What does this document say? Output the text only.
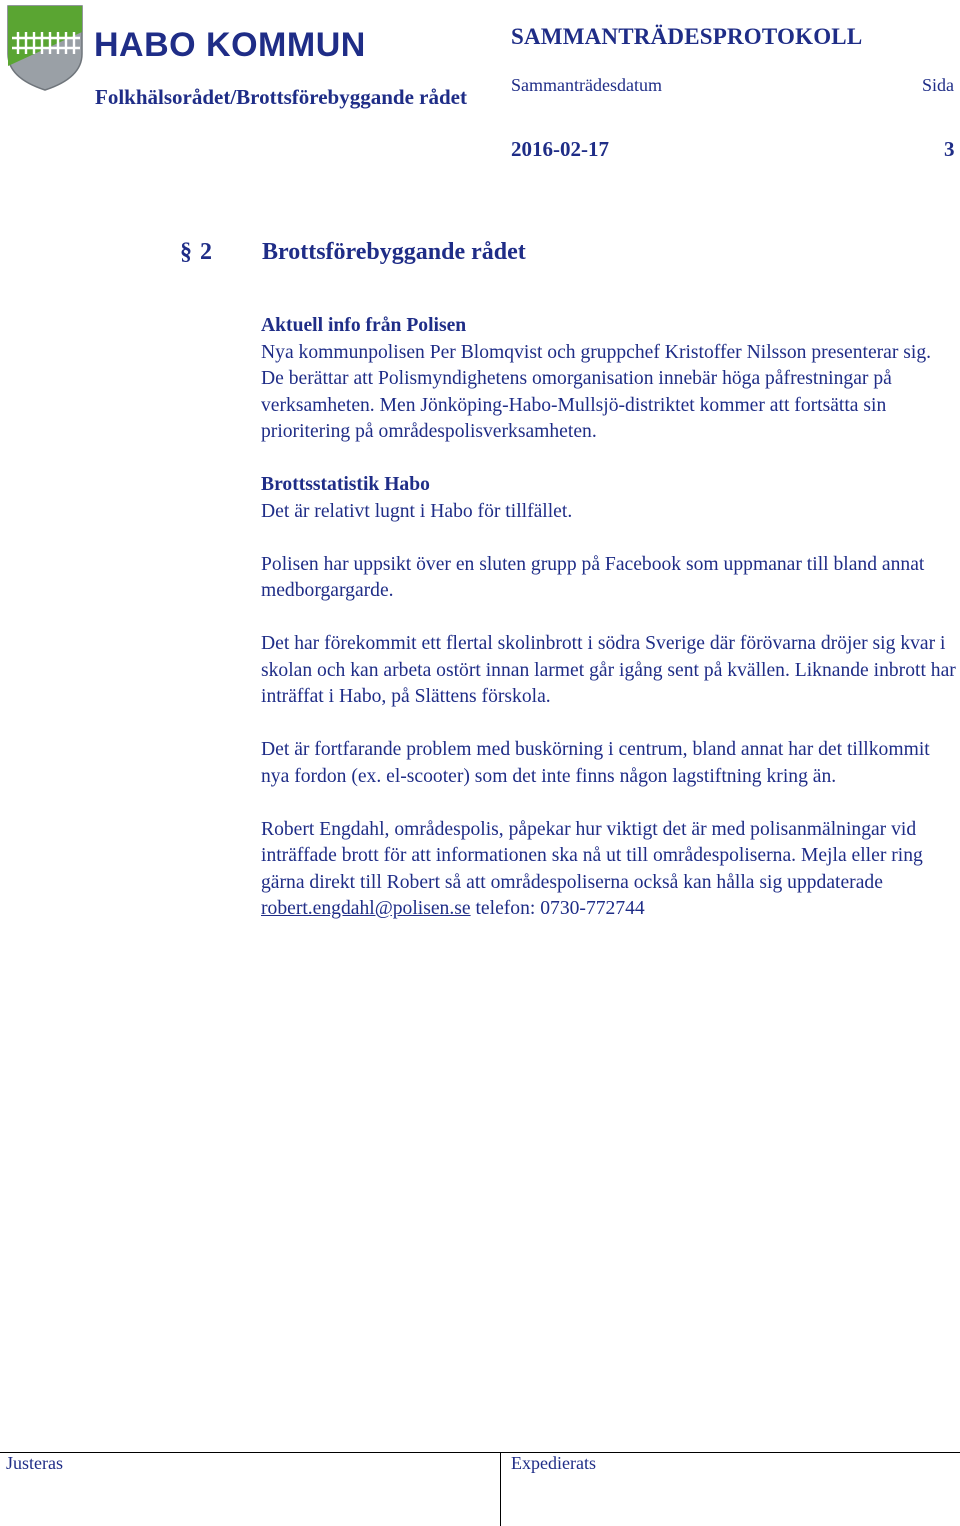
HABO KOMMUN	SAMMANTRÄDESPROTOKOLL
Folkhälsorådet/Brottsförebyggande rådet	Sammanträdesdatum	Sida
2016-02-17	3
§ 2 Brottsförebyggande rådet

Aktuell info från Polisen
Nya kommunpolisen Per Blomqvist och gruppchef Kristoffer Nilsson presenterar sig. De berättar att Polismyndighetens omorganisation innebär höga påfrestningar på verksamheten. Men Jönköping-Habo-Mullsjö-distriktet kommer att fortsätta sin prioritering på områdespolisverksamheten.

Brottsstatistik Habo
Det är relativt lugnt i Habo för tillfället.

Polisen har uppsikt över en sluten grupp på Facebook som uppmanar till bland annat medborgargarde.

Det har förekommit ett flertal skolinbrott i södra Sverige där förövarna dröjer sig kvar i skolan och kan arbeta ostört innan larmet går igång sent på kvällen. Liknande inbrott har inträffat i Habo, på Slättens förskola.

Det är fortfarande problem med buskörning i centrum, bland annat har det tillkommit nya fordon (ex. el-scooter) som det inte finns någon lagstiftning kring än.

Robert Engdahl, områdespolis, påpekar hur viktigt det är med polisanmälningar vid inträffade brott för att informationen ska nå ut till områdespoliserna. Mejla eller ring gärna direkt till Robert så att områdespoliserna också kan hålla sig uppdaterade robert.engdahl@polisen.se telefon: 0730-772744

Justeras	Expedierats
